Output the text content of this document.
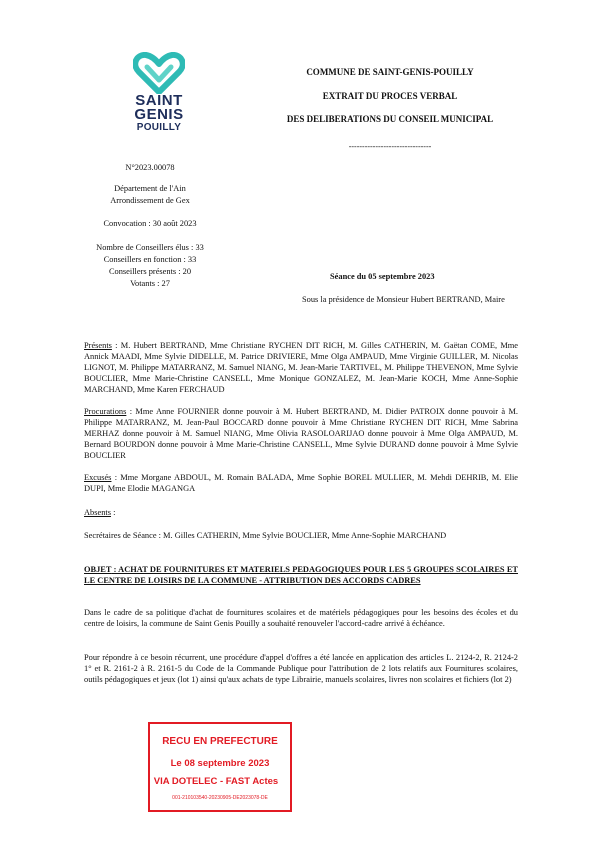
SAINT
GENIS
POUILLY
COMMUNE DE SAINT-GENIS-POUILLY
EXTRAIT DU PROCES VERBAL
DES DELIBERATIONS DU CONSEIL MUNICIPAL
-------------------------------
N°2023.00078
Département de l'Ain
Arrondissement de Gex
Convocation : 30 août 2023
Nombre de Conseillers élus : 33
Conseillers en fonction : 33
Conseillers présents : 20
Votants : 27
Séance du 05 septembre 2023
Sous la présidence de Monsieur Hubert BERTRAND, Maire
Présents : M. Hubert BERTRAND, Mme Christiane RYCHEN DIT RICH, M. Gilles CATHERIN, M. Gaëtan COME, Mme Annick MAADI, Mme Sylvie DIDELLE, M. Patrice DRIVIERE, Mme Olga AMPAUD, Mme Virginie GUILLER, M. Nicolas LIGNOT, M. Philippe MATARRANZ, M. Samuel NIANG, M. Jean-Marie TARTIVEL, M. Philippe THEVENON, Mme Sylvie BOUCLIER, Mme Marie-Christine CANSELL, Mme Monique GONZALEZ, M. Jean-Marie KOCH, Mme Anne-Sophie MARCHAND, Mme Karen FERCHAUD
Procurations : Mme Anne FOURNIER donne pouvoir à M. Hubert BERTRAND, M. Didier PATROIX donne pouvoir à M. Philippe MATARRANZ, M. Jean-Paul BOCCARD donne pouvoir à Mme Christiane RYCHEN DIT RICH, Mme Sabrina MERHAZ donne pouvoir à M. Samuel NIANG, Mme Olivia RASOLOARIJAO donne pouvoir à Mme Olga AMPAUD, M. Bernard BOURDON donne pouvoir à Mme Marie-Christine CANSELL, Mme Sylvie DURAND donne pouvoir à Mme Sylvie BOUCLIER
Excusés : Mme Morgane ABDOUL, M. Romain BALADA, Mme Sophie BOREL MULLIER, M. Mehdi DEHRIB, M. Elie DUPI, Mme Elodie MAGANGA
Absents :
Secrétaires de Séance : M. Gilles CATHERIN, Mme Sylvie BOUCLIER, Mme Anne-Sophie MARCHAND
OBJET : ACHAT DE FOURNITURES ET MATERIELS PEDAGOGIQUES POUR LES 5 GROUPES SCOLAIRES ET LE CENTRE DE LOISIRS DE LA COMMUNE - ATTRIBUTION DES ACCORDS CADRES
Dans le cadre de sa politique d'achat de fournitures scolaires et de matériels pédagogiques pour les besoins des écoles et du centre de loisirs, la commune de Saint Genis Pouilly a souhaité renouveler l'accord-cadre arrivé à échéance.
Pour répondre à ce besoin récurrent, une procédure d'appel d'offres a été lancée en application des articles L. 2124-2, R. 2124-2 1° et R. 2161-2 à R. 2161-5 du Code de la Commande Publique pour l'attribution de 2 lots relatifs aux Fournitures scolaires, outils pédagogiques et jeux (lot 1) ainsi qu'aux achats de type Librairie, manuels scolaires, livres non scolaires et fichiers (lot 2)
RECU EN PREFECTURE
Le 08 septembre 2023
VIA DOTELEC - FAST Actes
001-210103540-20230905-DE2023078-DE
